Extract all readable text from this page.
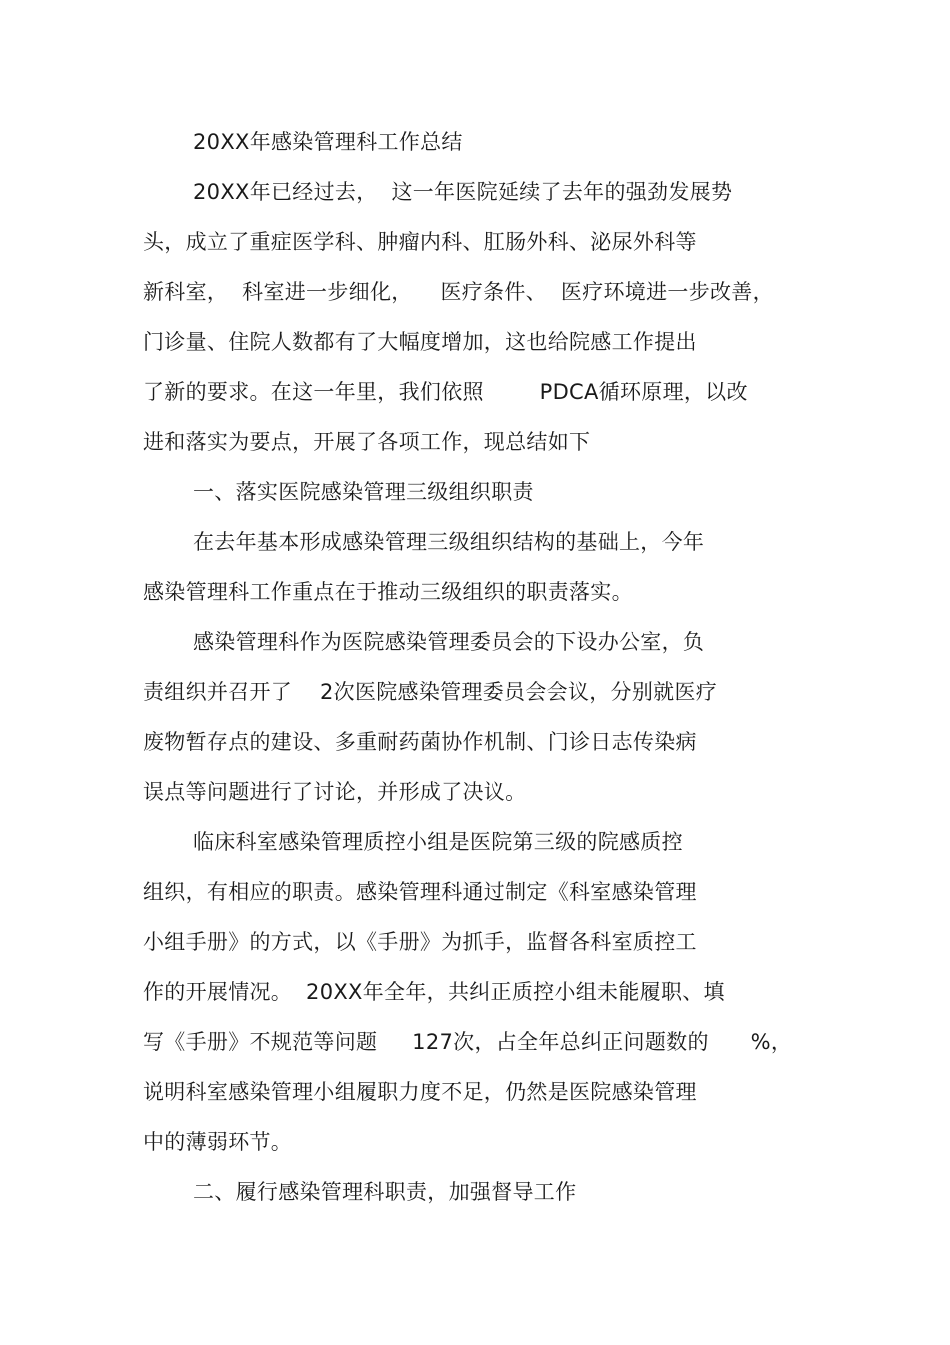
20XX年感染管理科工作总结
20XX年已经过去，  这一年医院延续了去年的强劲发展势
头，成立了重症医学科、肿瘤内科、肛肠外科、泌尿外科等
新科室，  科室进一步细化，    医疗条件、  医疗环境进一步改善，
门诊量、住院人数都有了大幅度增加，这也给院感工作提出
了新的要求。在这一年里，我们依照        PDCA循环原理，以改
进和落实为要点，开展了各项工作，现总结如下
一、落实医院感染管理三级组织职责
在去年基本形成感染管理三级组织结构的基础上，今年
感染管理科工作重点在于推动三级组织的职责落实。
感染管理科作为医院感染管理委员会的下设办公室，负
责组织并召开了    2次医院感染管理委员会会议，分别就医疗
废物暂存点的建设、多重耐药菌协作机制、门诊日志传染病
误点等问题进行了讨论，并形成了决议。
临床科室感染管理质控小组是医院第三级的院感质控
组织，有相应的职责。感染管理科通过制定《科室感染管理
小组手册》的方式，以《手册》为抓手，监督各科室质控工
作的开展情况。  20XX年全年，共纠正质控小组未能履职、填
写《手册》不规范等问题     127次，占全年总纠正问题数的      %，
说明科室感染管理小组履职力度不足，仍然是医院感染管理
中的薄弱环节。
二、履行感染管理科职责，加强督导工作
